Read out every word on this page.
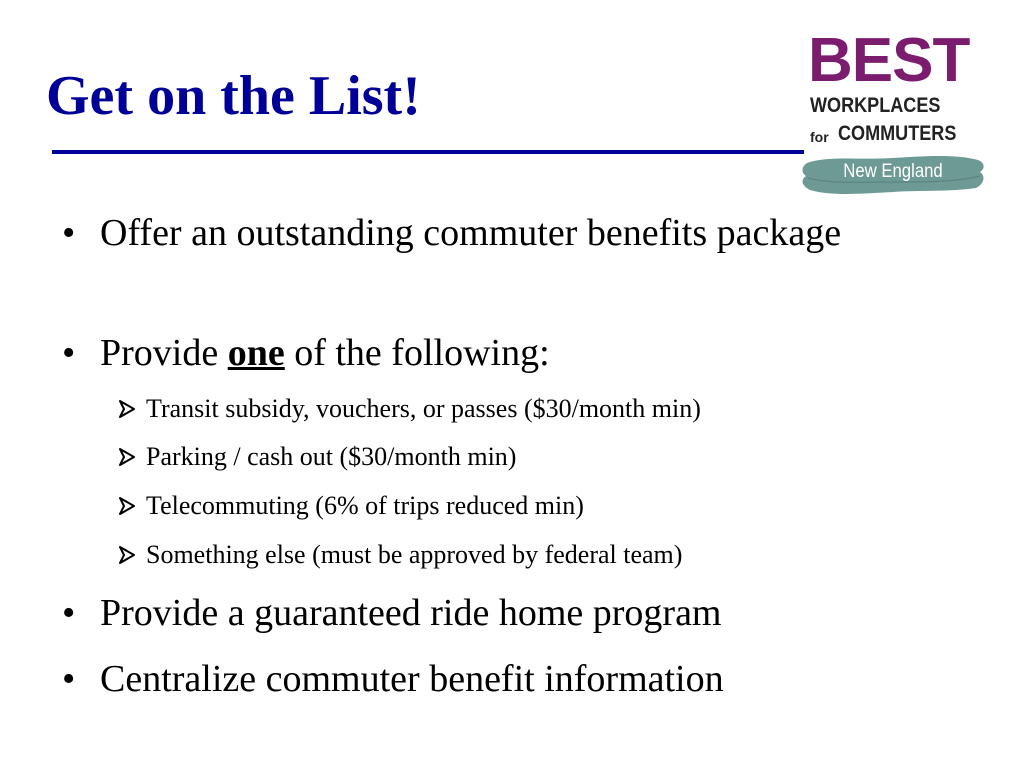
Get on the List!
BEST
WORKPLACES
for COMMUTERS
New England
• Offer an outstanding commuter benefits package
• Provide one of the following:
Transit subsidy, vouchers, or passes ($30/month min)
Parking / cash out ($30/month min)
Telecommuting (6% of trips reduced min)
Something else (must be approved by federal team)
• Provide a guaranteed ride home program
• Centralize commuter benefit information
